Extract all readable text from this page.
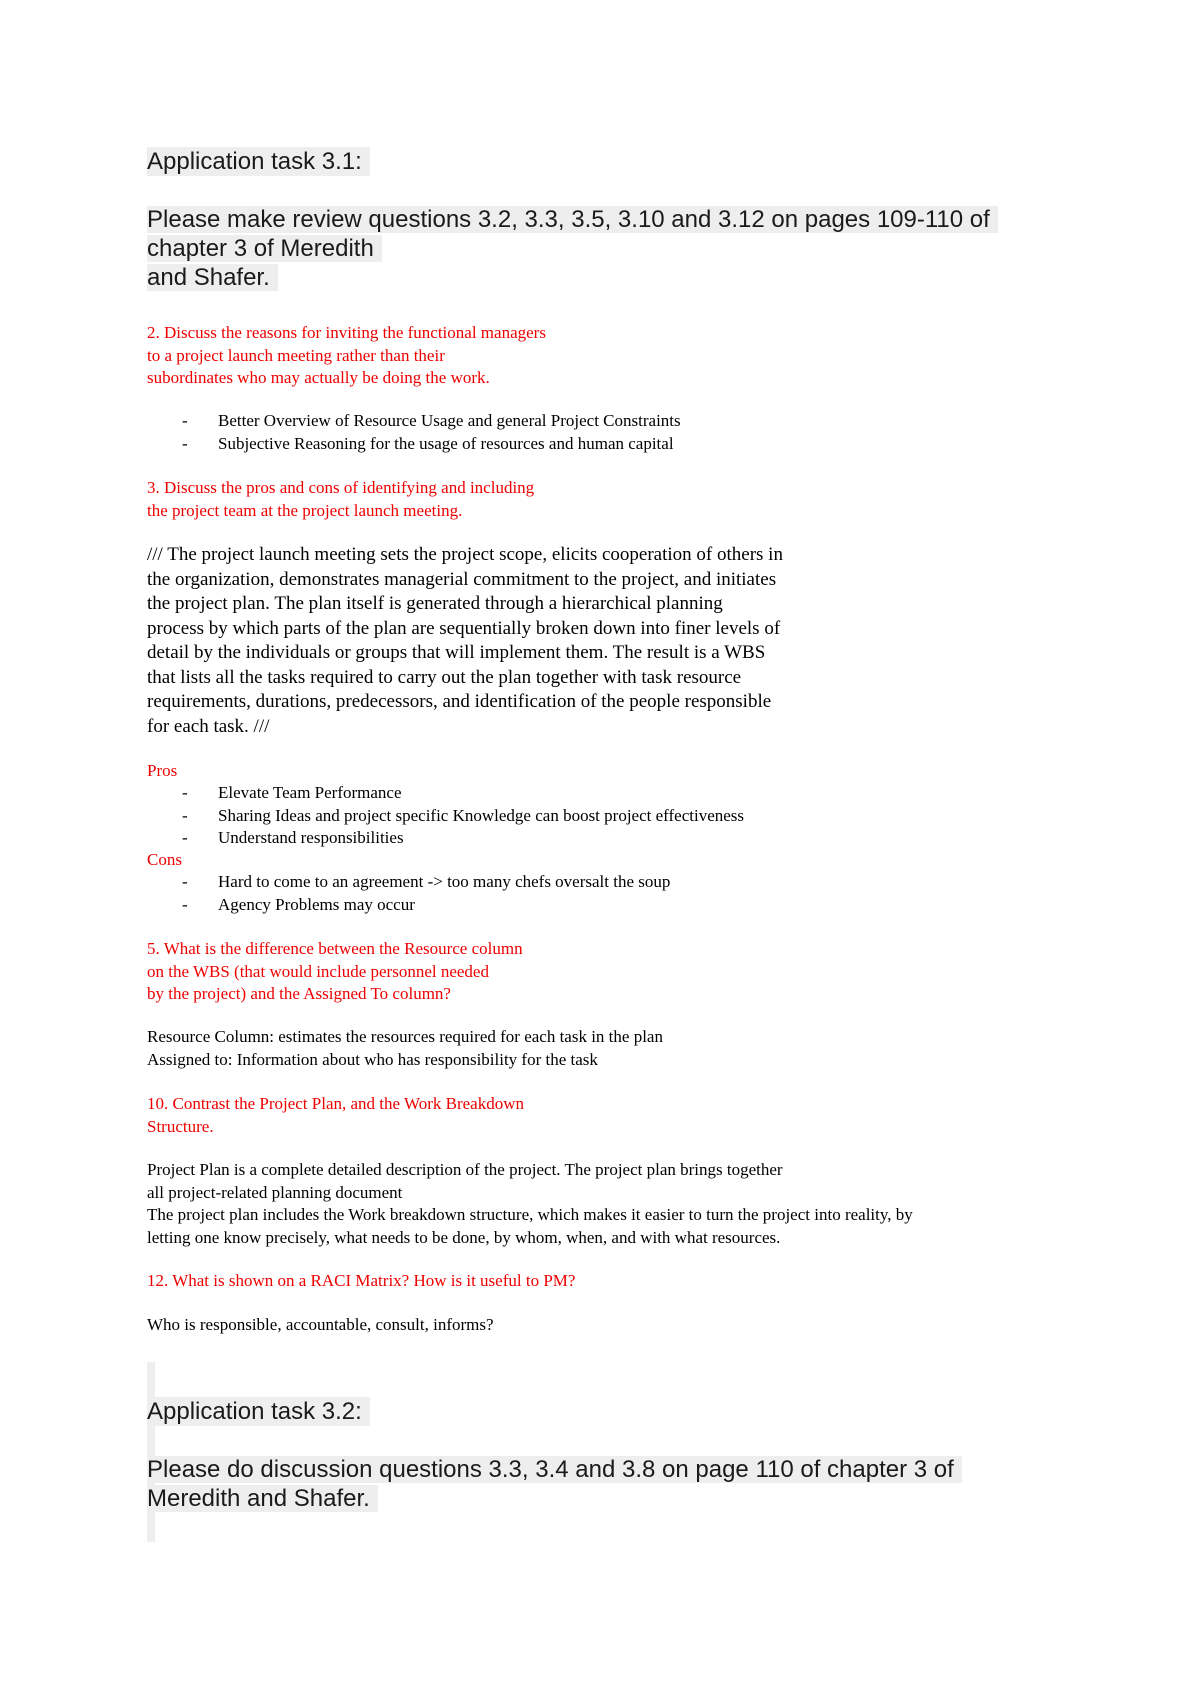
Application task 3.1:
Please make review questions 3.2, 3.3, 3.5, 3.10 and 3.12 on pages 109-110 of
chapter 3 of Meredith
and Shafer.
2. Discuss the reasons for inviting the functional managers
to a project launch meeting rather than their
subordinates who may actually be doing the work.
- Better Overview of Resource Usage and general Project Constraints
- Subjective Reasoning for the usage of resources and human capital
3. Discuss the pros and cons of identifying and including
the project team at the project launch meeting.
/// The project launch meeting sets the project scope, elicits cooperation of others in
the organization, demonstrates managerial commitment to the project, and initiates
the project plan. The plan itself is generated through a hierarchical planning
process by which parts of the plan are sequentially broken down into finer levels of
detail by the individuals or groups that will implement them. The result is a WBS
that lists all the tasks required to carry out the plan together with task resource
requirements, durations, predecessors, and identification of the people responsible
for each task. ///
Pros
- Elevate Team Performance
- Sharing Ideas and project specific Knowledge can boost project effectiveness
- Understand responsibilities
Cons
- Hard to come to an agreement -> too many chefs oversalt the soup
- Agency Problems may occur
5. What is the difference between the Resource column
on the WBS (that would include personnel needed
by the project) and the Assigned To column?
Resource Column: estimates the resources required for each task in the plan
Assigned to: Information about who has responsibility for the task
10. Contrast the Project Plan, and the Work Breakdown
Structure.
Project Plan is a complete detailed description of the project. The project plan brings together
all project-related planning document
The project plan includes the Work breakdown structure, which makes it easier to turn the project into reality, by
letting one know precisely, what needs to be done, by whom, when, and with what resources.
12. What is shown on a RACI Matrix? How is it useful to PM?
Who is responsible, accountable, consult, informs?
Application task 3.2:
Please do discussion questions 3.3, 3.4 and 3.8 on page 110 of chapter 3 of
Meredith and Shafer.
